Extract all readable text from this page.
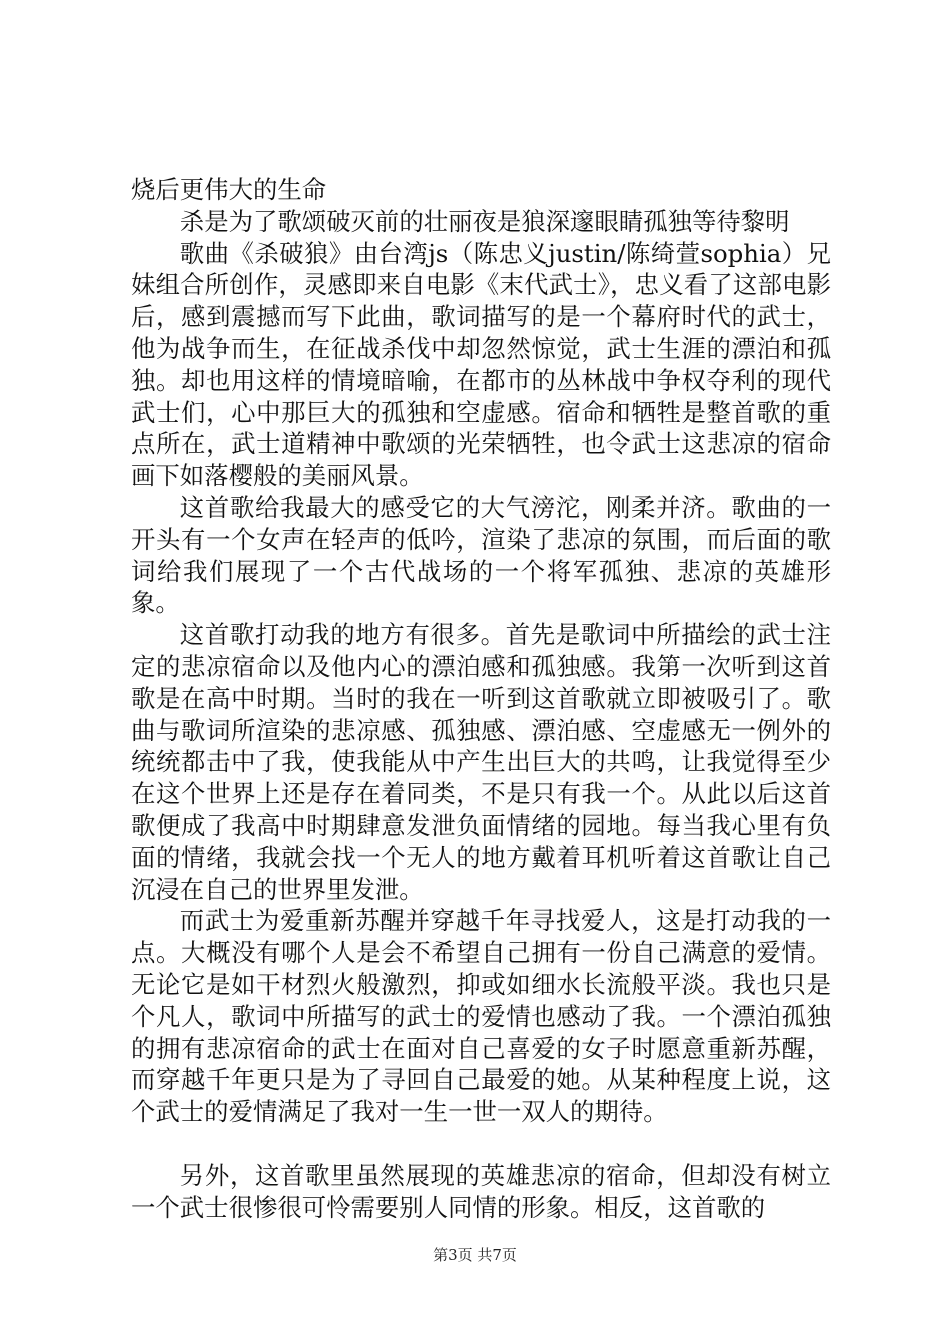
烧后更伟大的生命

杀是为了歌颂破灭前的壮丽夜是狼深邃眼睛孤独等待黎明

歌曲《杀破狼》由台湾js（陈忠义justin/陈绮萱sophia）兄妹组合所创作，灵感即来自电影《末代武士》，忠义看了这部电影后，感到震撼而写下此曲，歌词描写的是一个幕府时代的武士，他为战争而生，在征战杀伐中却忽然惊觉，武士生涯的漂泊和孤独。却也用这样的情境暗喻，在都市的丛林战中争权夺利的现代武士们，心中那巨大的孤独和空虚感。宿命和牺牲是整首歌的重点所在，武士道精神中歌颂的光荣牺牲，也令武士这悲凉的宿命画下如落樱般的美丽风景。

这首歌给我最大的感受它的大气滂沱，刚柔并济。歌曲的一开头有一个女声在轻声的低吟，渲染了悲凉的氛围，而后面的歌词给我们展现了一个古代战场的一个将军孤独、悲凉的英雄形象。

这首歌打动我的地方有很多。首先是歌词中所描绘的武士注定的悲凉宿命以及他内心的漂泊感和孤独感。我第一次听到这首歌是在高中时期。当时的我在一听到这首歌就立即被吸引了。歌曲与歌词所渲染的悲凉感、孤独感、漂泊感、空虚感无一例外的统统都击中了我，使我能从中产生出巨大的共鸣，让我觉得至少在这个世界上还是存在着同类，不是只有我一个。从此以后这首歌便成了我高中时期肆意发泄负面情绪的园地。每当我心里有负面的情绪，我就会找一个无人的地方戴着耳机听着这首歌让自己沉浸在自己的世界里发泄。

而武士为爱重新苏醒并穿越千年寻找爱人，这是打动我的一点。大概没有哪个人是会不希望自己拥有一份自己满意的爱情。无论它是如干材烈火般激烈，抑或如细水长流般平淡。我也只是个凡人，歌词中所描写的武士的爱情也感动了我。一个漂泊孤独的拥有悲凉宿命的武士在面对自己喜爱的女子时愿意重新苏醒，而穿越千年更只是为了寻回自己最爱的她。从某种程度上说，这个武士的爱情满足了我对一生一世一双人的期待。

另外，这首歌里虽然展现的英雄悲凉的宿命，但却没有树立一个武士很惨很可怜需要别人同情的形象。相反，这首歌的

第3页 共7页
